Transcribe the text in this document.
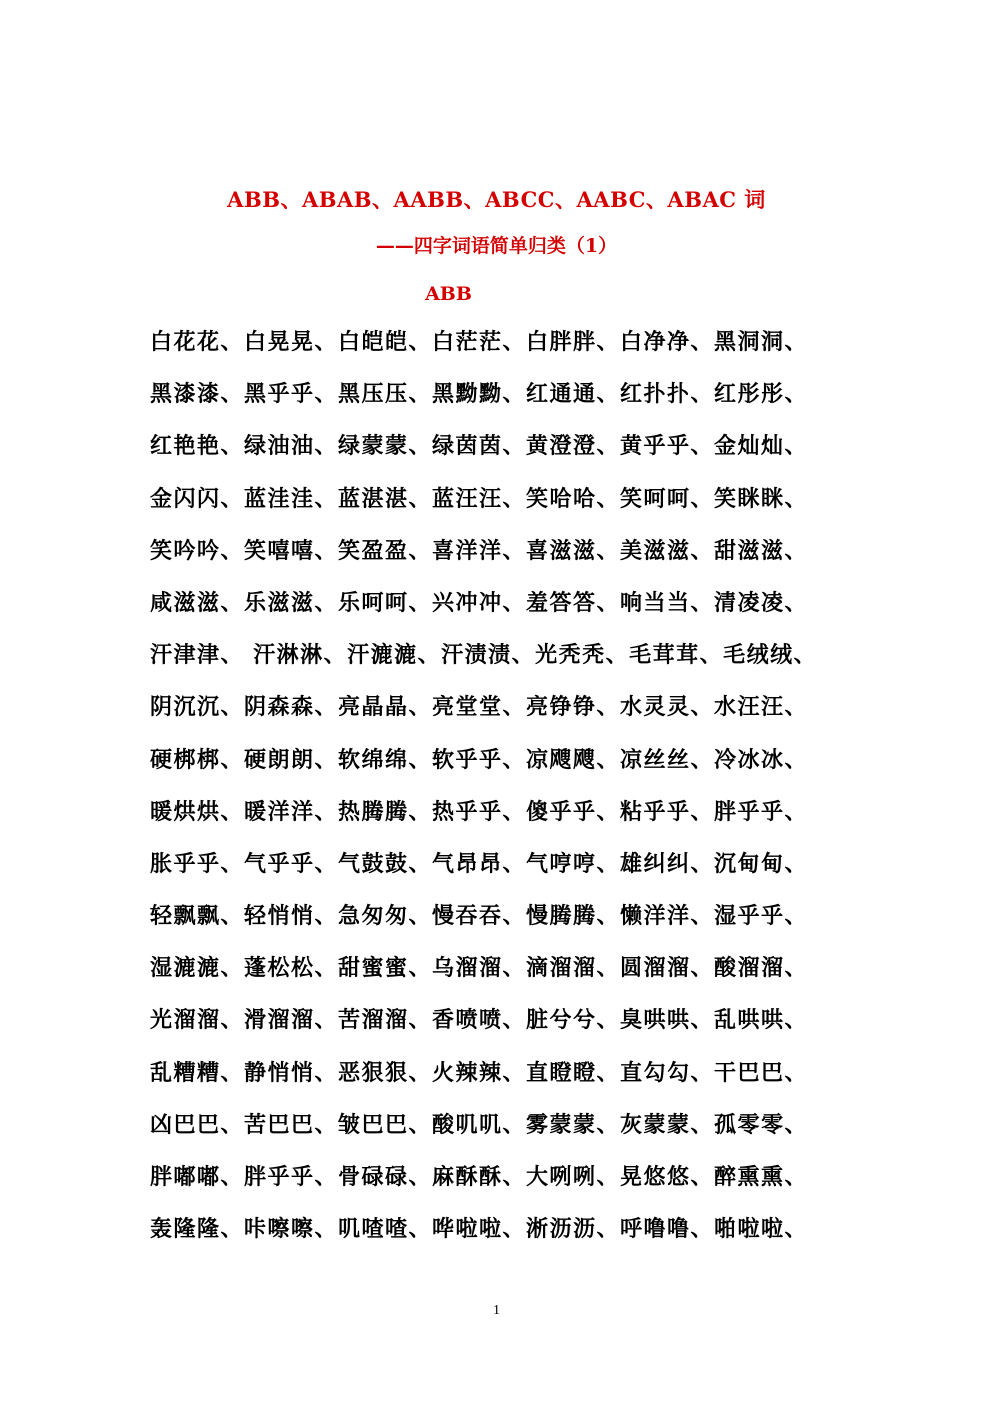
ABB、ABAB、AABB、ABCC、AABC、ABAC 词
——四字词语简单归类（1）
ABB
白花花、白晃晃、白皑皑、白茫茫、白胖胖、白净净、黑洞洞、
黑漆漆、黑乎乎、黑压压、黑黝黝、红通通、红扑扑、红彤彤、
红艳艳、绿油油、绿蒙蒙、绿茵茵、黄澄澄、黄乎乎、金灿灿、
金闪闪、蓝洼洼、蓝湛湛、蓝汪汪、笑哈哈、笑呵呵、笑眯眯、
笑吟吟、笑嘻嘻、笑盈盈、喜洋洋、喜滋滋、美滋滋、甜滋滋、
咸滋滋、乐滋滋、乐呵呵、兴冲冲、羞答答、响当当、清凌凌、
汗津津、 汗淋淋、汗漉漉、汗渍渍、光秃秃、毛茸茸、毛绒绒、
阴沉沉、阴森森、亮晶晶、亮堂堂、亮铮铮、水灵灵、水汪汪、
硬梆梆、硬朗朗、软绵绵、软乎乎、凉飕飕、凉丝丝、冷冰冰、
暖烘烘、暖洋洋、热腾腾、热乎乎、傻乎乎、粘乎乎、胖乎乎、
胀乎乎、气乎乎、气鼓鼓、气昂昂、气哼哼、雄纠纠、沉甸甸、
轻飘飘、轻悄悄、急匆匆、慢吞吞、慢腾腾、懒洋洋、湿乎乎、
湿漉漉、蓬松松、甜蜜蜜、乌溜溜、滴溜溜、圆溜溜、酸溜溜、
光溜溜、滑溜溜、苦溜溜、香喷喷、脏兮兮、臭哄哄、乱哄哄、
乱糟糟、静悄悄、恶狠狠、火辣辣、直瞪瞪、直勾勾、干巴巴、
凶巴巴、苦巴巴、皱巴巴、酸叽叽、雾蒙蒙、灰蒙蒙、孤零零、
胖嘟嘟、胖乎乎、骨碌碌、麻酥酥、大咧咧、晃悠悠、醉熏熏、
轰隆隆、咔嚓嚓、叽喳喳、哗啦啦、淅沥沥、呼噜噜、啪啦啦、
1
